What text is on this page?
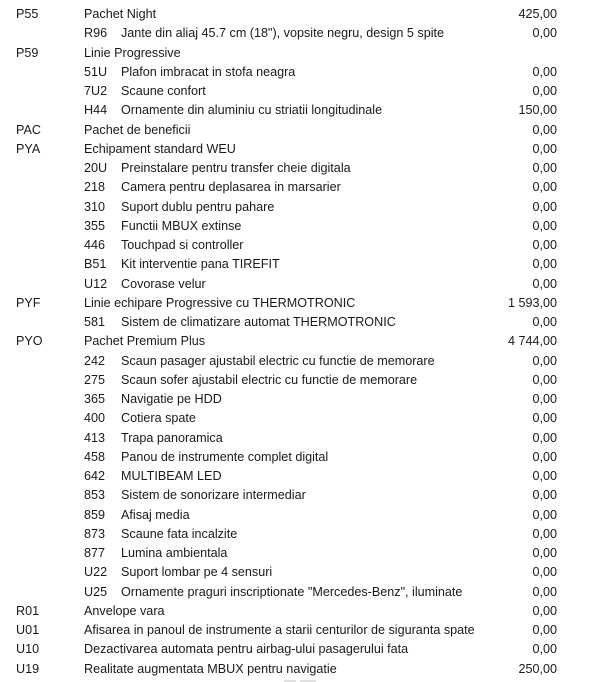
P55	Pachet Night	425,00
R96 Jante din aliaj 45.7 cm (18"), vopsite negru, design 5 spite	0,00
P59	Linie Progressive
51U Plafon imbracat in stofa neagra	0,00
7U2 Scaune confort	0,00
H44 Ornamente din aluminiu cu striatii longitudinale	150,00
PAC	Pachet de beneficii	0,00
PYA	Echipament standard WEU	0,00
20U Preinstalare pentru transfer cheie digitala	0,00
218 Camera pentru deplasarea in marsarier	0,00
310 Suport dublu pentru pahare	0,00
355 Functii MBUX extinse	0,00
446 Touchpad si controller	0,00
B51 Kit interventie pana TIREFIT	0,00
U12 Covorase velur	0,00
PYF	Linie echipare Progressive cu THERMOTRONIC	1 593,00
581 Sistem de climatizare automat THERMOTRONIC	0,00
PYO	Pachet Premium Plus	4 744,00
242 Scaun pasager ajustabil electric cu functie de memorare	0,00
275 Scaun sofer ajustabil electric cu functie de memorare	0,00
365 Navigatie pe HDD	0,00
400 Cotiera spate	0,00
413 Trapa panoramica	0,00
458 Panou de instrumente complet digital	0,00
642 MULTIBEAM LED	0,00
853 Sistem de sonorizare intermediar	0,00
859 Afisaj media	0,00
873 Scaune fata incalzite	0,00
877 Lumina ambientala	0,00
U22 Suport lombar pe 4 sensuri	0,00
U25 Ornamente praguri inscriptionate "Mercedes-Benz", iluminate	0,00
R01	Anvelope vara	0,00
U01	Afisarea in panoul de instrumente a starii centurilor de siguranta spate	0,00
U10	Dezactivarea automata pentru airbag-ului pasagerului fata	0,00
U19	Realitate augmentata MBUX pentru navigatie	250,00
